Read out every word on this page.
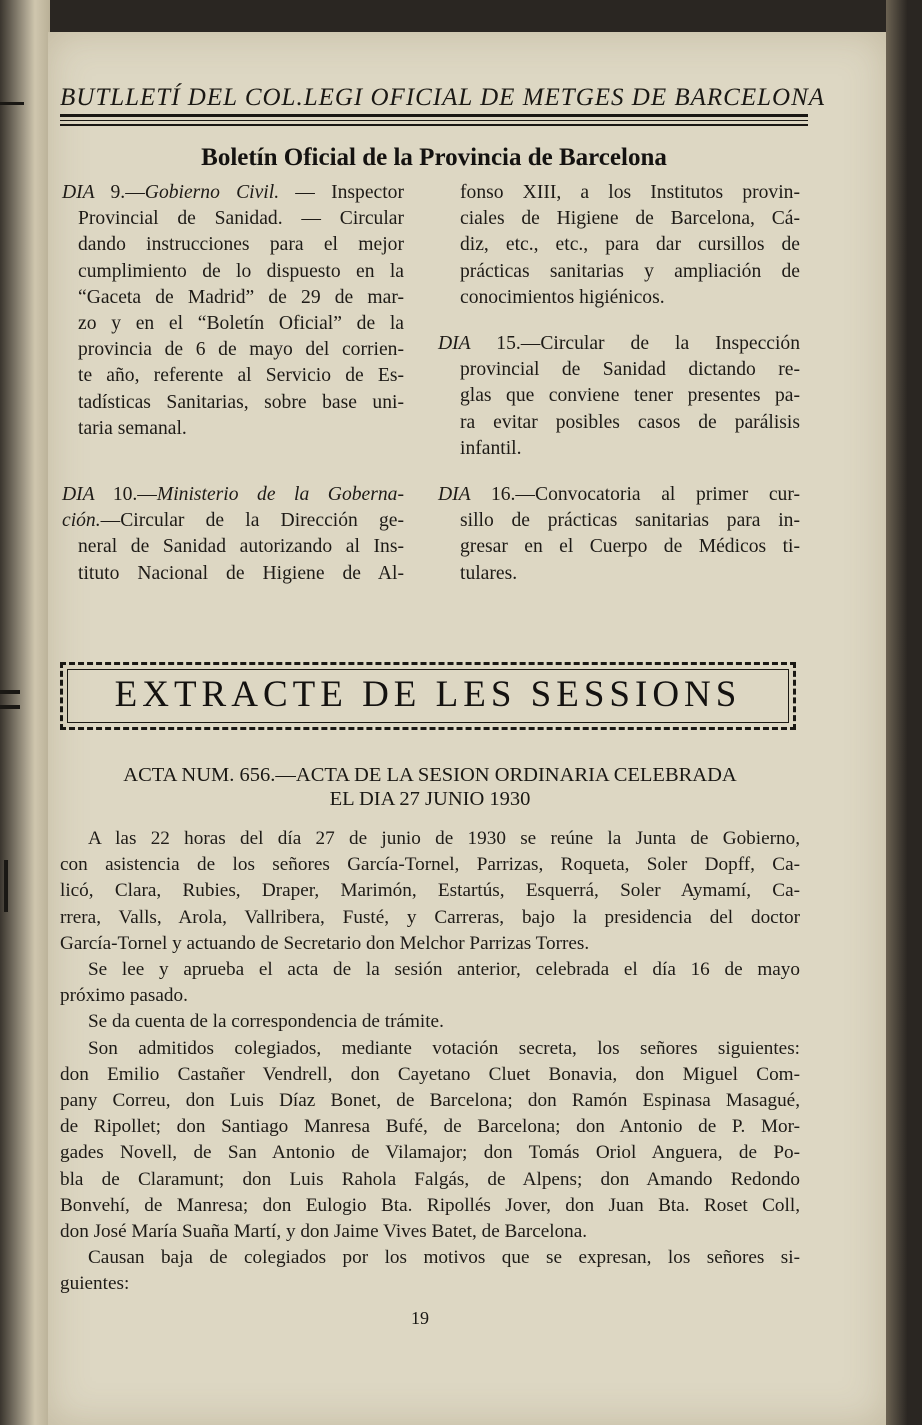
BUTLLETÍ DEL COL.LEGI OFICIAL DE METGES DE BARCELONA
Boletín Oficial de la Provincia de Barcelona

DIA 9.—Gobierno Civil. — Inspector
Provincial de Sanidad. — Circular
dando instrucciones para el mejor
cumplimiento de lo dispuesto en la
“Gaceta de Madrid” de 29 de mar-
zo y en el “Boletín Oficial” de la
provincia de 6 de mayo del corrien-
te año, referente al Servicio de Es-
tadísticas Sanitarias, sobre base uni-
taria semanal.

DIA 10.—Ministerio de la Goberna-
ción.—Circular de la Dirección ge-
neral de Sanidad autorizando al Ins-
tituto Nacional de Higiene de Al-

fonso XIII, a los Institutos provin-
ciales de Higiene de Barcelona, Cá-
diz, etc., etc., para dar cursillos de
prácticas sanitarias y ampliación de
conocimientos higiénicos.

DIA 15.—Circular de la Inspección
provincial de Sanidad dictando re-
glas que conviene tener presentes pa-
ra evitar posibles casos de parálisis
infantil.

DIA 16.—Convocatoria al primer cur-
sillo de prácticas sanitarias para in-
gresar en el Cuerpo de Médicos ti-
tulares.

EXTRACTE DE LES SESSIONS
ACTA NUM. 656.—ACTA DE LA SESION ORDINARIA CELEBRADA
EL DIA 27 JUNIO 1930
A las 22 horas del día 27 de junio de 1930 se reúne la Junta de Gobierno,
con asistencia de los señores García-Tornel, Parrizas, Roqueta, Soler Dopff, Ca-
licó, Clara, Rubies, Draper, Marimón, Estartús, Esquerrá, Soler Aymamí, Ca-
rrera, Valls, Arola, Vallribera, Fusté, y Carreras, bajo la presidencia del doctor
García-Tornel y actuando de Secretario don Melchor Parrizas Torres.
Se lee y aprueba el acta de la sesión anterior, celebrada el día 16 de mayo
próximo pasado.
Se da cuenta de la correspondencia de trámite.
Son admitidos colegiados, mediante votación secreta, los señores siguientes:
don Emilio Castañer Vendrell, don Cayetano Cluet Bonavia, don Miguel Com-
pany Correu, don Luis Díaz Bonet, de Barcelona; don Ramón Espinasa Masagué,
de Ripollet; don Santiago Manresa Bufé, de Barcelona; don Antonio de P. Mor-
gades Novell, de San Antonio de Vilamajor; don Tomás Oriol Anguera, de Po-
bla de Claramunt; don Luis Rahola Falgás, de Alpens; don Amando Redondo
Bonvehí, de Manresa; don Eulogio Bta. Ripollés Jover, don Juan Bta. Roset Coll,
don José María Suaña Martí, y don Jaime Vives Batet, de Barcelona.
Causan baja de colegiados por los motivos que se expresan, los señores si-
guientes:
19
